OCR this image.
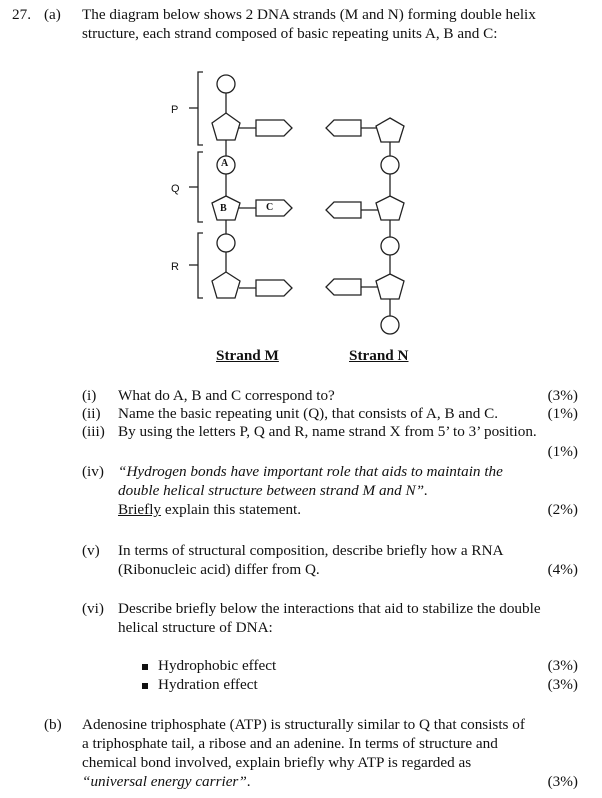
27. (a) The diagram below shows 2 DNA strands (M and N) forming double helix
structure, each strand composed of basic repeating units A, B and C:
P
Q
R
A
B	C
Strand M	Strand N
(i) What do A, B and C correspond to?	(3%)
(ii) Name the basic repeating unit (Q), that consists of A, B and C.	(1%)
(iii) By using the letters P, Q and R, name strand X from 5’ to 3’ position.
(1%)
(iv) “Hydrogen bonds have important role that aids to maintain the
double helical structure between strand M and N”.
Briefly explain this statement.	(2%)
(v) In terms of structural composition, describe briefly how a RNA
(Ribonucleic acid) differ from Q.	(4%)
(vi) Describe briefly below the interactions that aid to stabilize the double
helical structure of DNA:
Hydrophobic effect	(3%)
Hydration effect	(3%)
(b) Adenosine triphosphate (ATP) is structurally similar to Q that consists of
a triphosphate tail, a ribose and an adenine. In terms of structure and
chemical bond involved, explain briefly why ATP is regarded as
“universal energy carrier”.	(3%)
